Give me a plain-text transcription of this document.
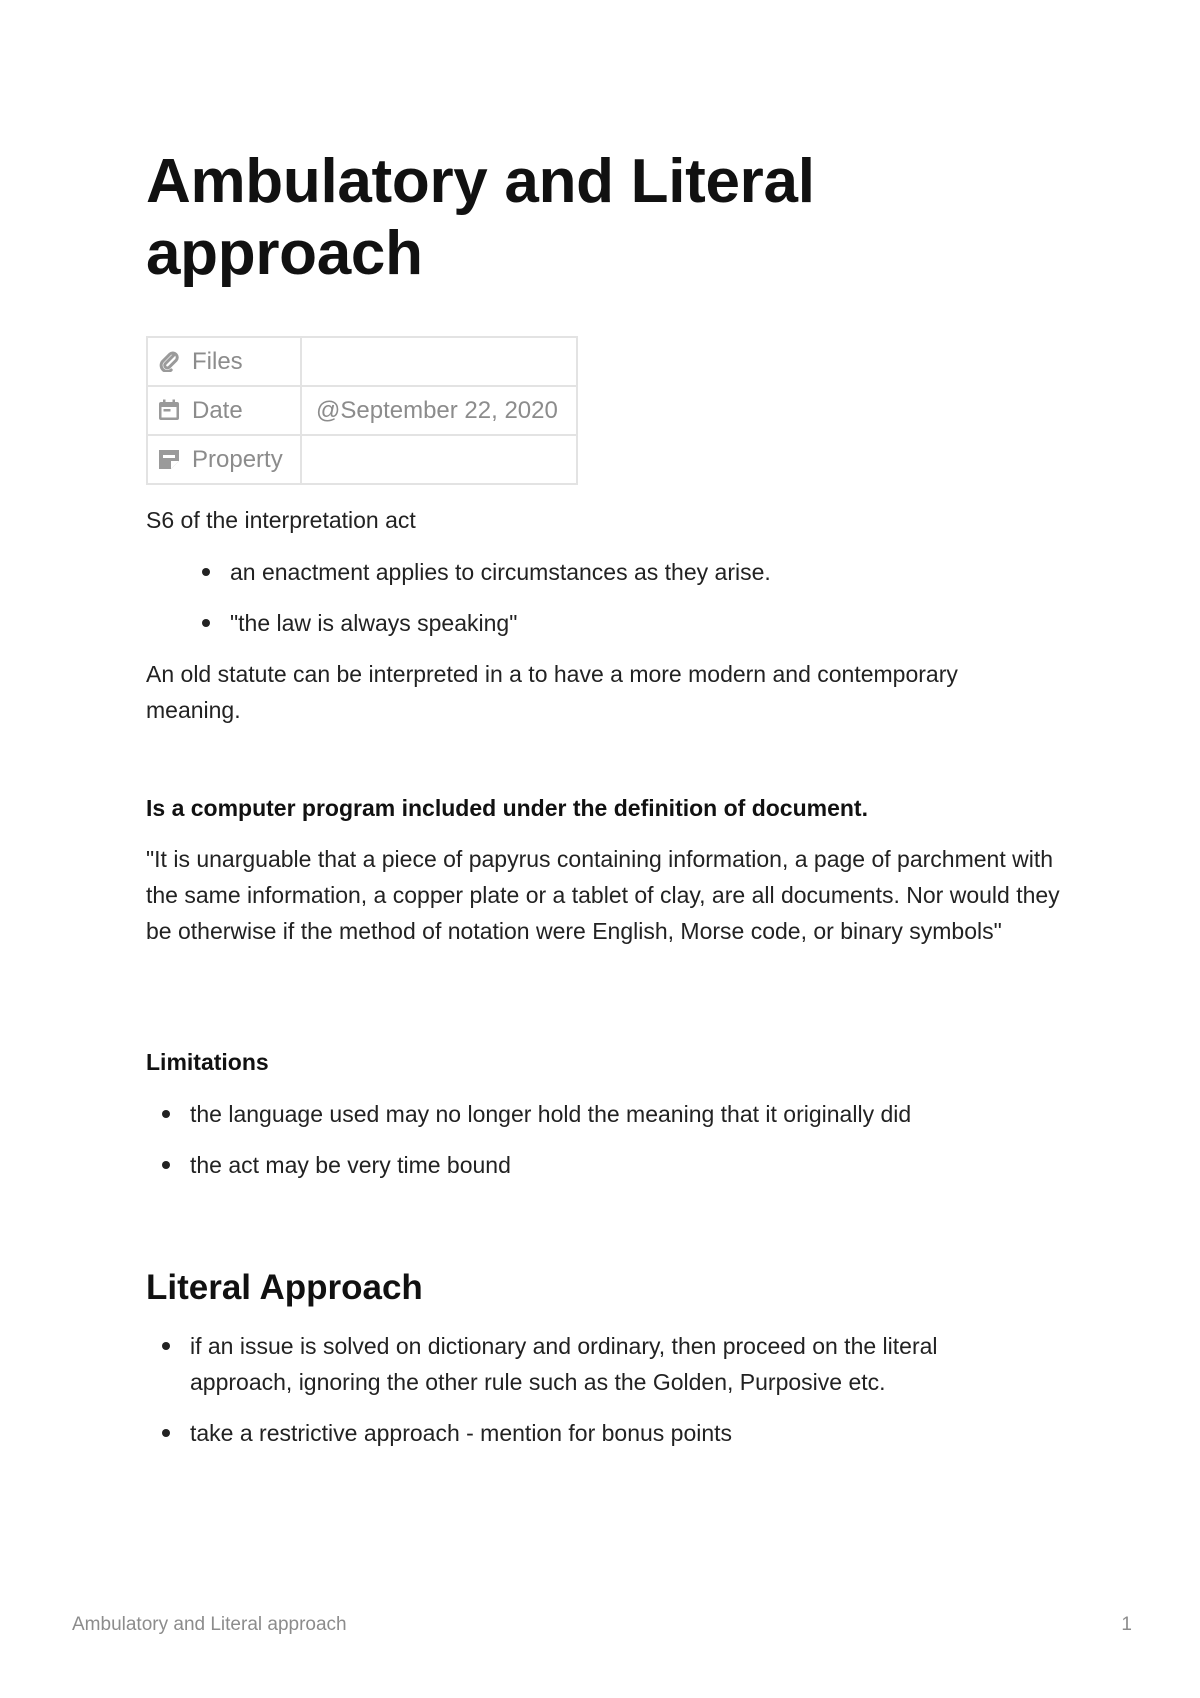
Ambulatory and Literal approach
Files	
Date	@September 22, 2020
Property	

S6 of the interpretation act

an enactment applies to circumstances as they arise.
"the law is always speaking"

An old statute can be interpreted in a to have a more modern and contemporary meaning.

Is a computer program included under the definition of document.

"It is unarguable that a piece of papyrus containing information, a page of parchment with the same information, a copper plate or a tablet of clay, are all documents. Nor would they be otherwise if the method of notation were English, Morse code, or binary symbols"

Limitations

the language used may no longer hold the meaning that it originally did
the act may be very time bound
Literal Approach
if an issue is solved on dictionary and ordinary, then proceed on the literal approach, ignoring the other rule such as the Golden, Purposive etc.
take a restrictive approach - mention for bonus points
Ambulatory and Literal approach	1
